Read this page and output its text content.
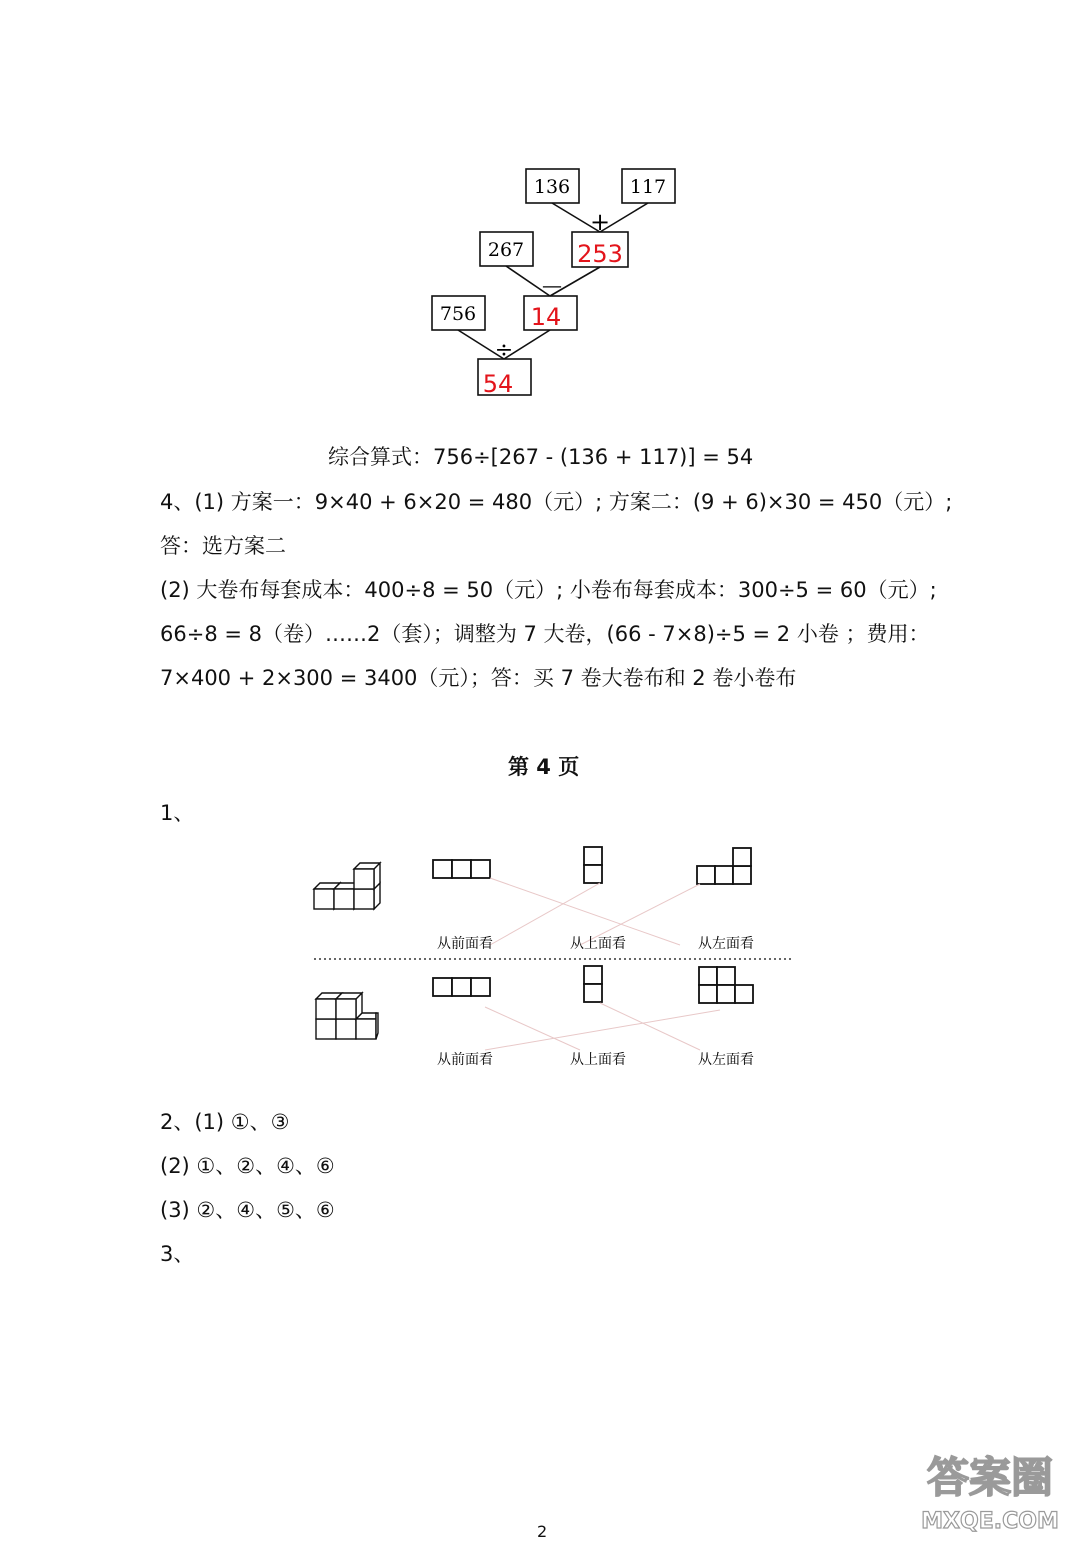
136	117
267 253
756 14
54
+
—
÷
综合算式：756÷[267 - (136 + 117)] = 54
4、(1) 方案一：9×40 + 6×20 = 480（元）; 方案二：(9 + 6)×30 = 450（元）;
答：选方案二
(2) 大卷布每套成本：400÷8 = 50（元）; 小卷布每套成本：300÷5 = 60（元）;
66÷8 = 8（卷）……2（套）；调整为 7 大卷，(66 - 7×8)÷5 = 2 小卷 ；费用：
7×400 + 2×300 = 3400（元）；答：买 7 卷大卷布和 2 卷小卷布
第 4 页
1、
从前面看	从上面看	从左面看
从前面看	从上面看	从左面看
2、(1) ①、③
(2) ①、②、④、⑥
(3) ②、④、⑤、⑥
3、
答案圈
MXQE.COM
2
